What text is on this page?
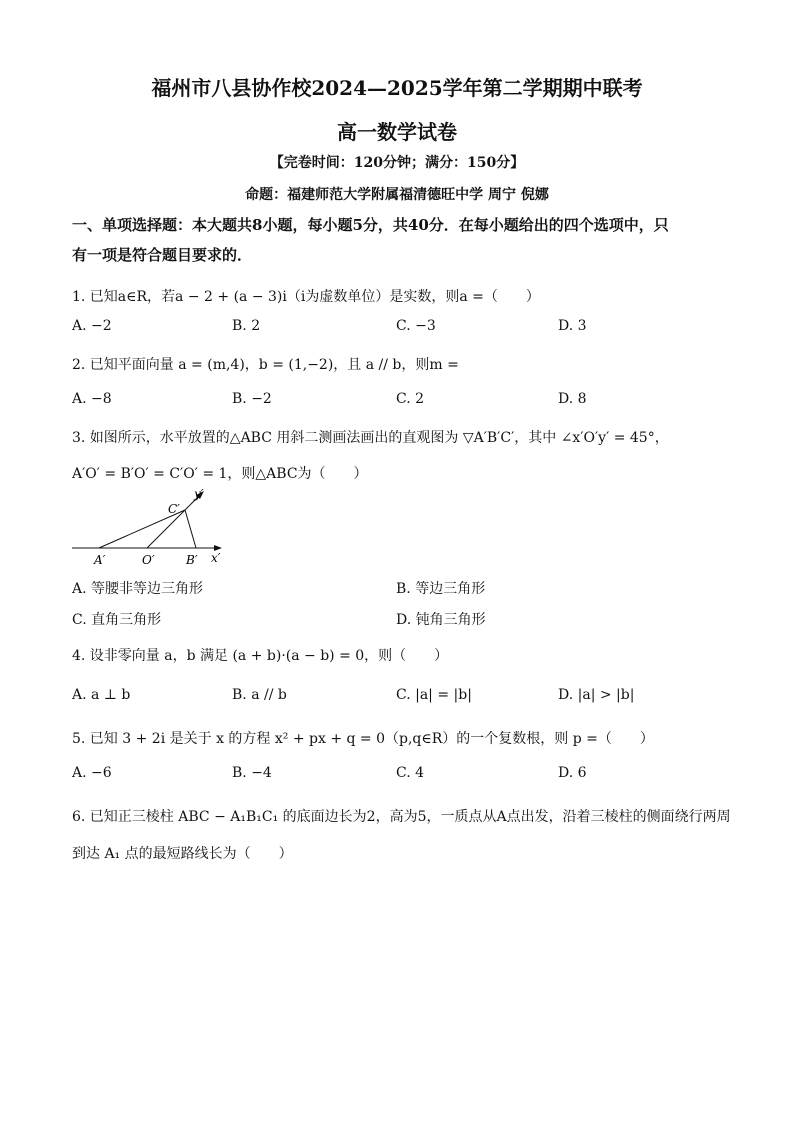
福州市八县协作校2024—2025学年第二学期期中联考
高一数学试卷
【完卷时间：120分钟；满分：150分】
命题：福建师范大学附属福清德旺中学 周宁 倪娜
一、单项选择题：本大题共8小题，每小题5分，共40分．在每小题给出的四个选项中，只
有一项是符合题目要求的．
1. 已知a∈R，若a − 2 + (a − 3)i（i为虚数单位）是实数，则a =（　　）
A. −2	B. 2	C. −3	D. 3
2. 已知平面向量 a = (m,4)，b = (1,−2)，且 a // b，则m =
A. −8	B. −2	C. 2	D. 8
3. 如图所示，水平放置的△ABC 用斜二测画法画出的直观图为 ▽A′B′C′，其中 ∠x′O′y′ = 45°，
A′O′ = B′O′ = C′O′ = 1，则△ABC为（　　）
y′
C′
A′	O′	B′ x′
A. 等腰非等边三角形	B. 等边三角形
C. 直角三角形	D. 钝角三角形
4. 设非零向量 a，b 满足 (a + b)·(a − b) = 0，则（　　）
A. a ⊥ b	B. a // b	C. |a| = |b|	D. |a| > |b|
5. 已知 3 + 2i 是关于 x 的方程 x² + px + q = 0（p,q∈R）的一个复数根，则 p =（　　）
A. −6	B. −4	C. 4	D. 6
6. 已知正三棱柱 ABC − A₁B₁C₁ 的底面边长为2，高为5，一质点从A点出发，沿着三棱柱的侧面绕行两周
到达 A₁ 点的最短路线长为（　　）
